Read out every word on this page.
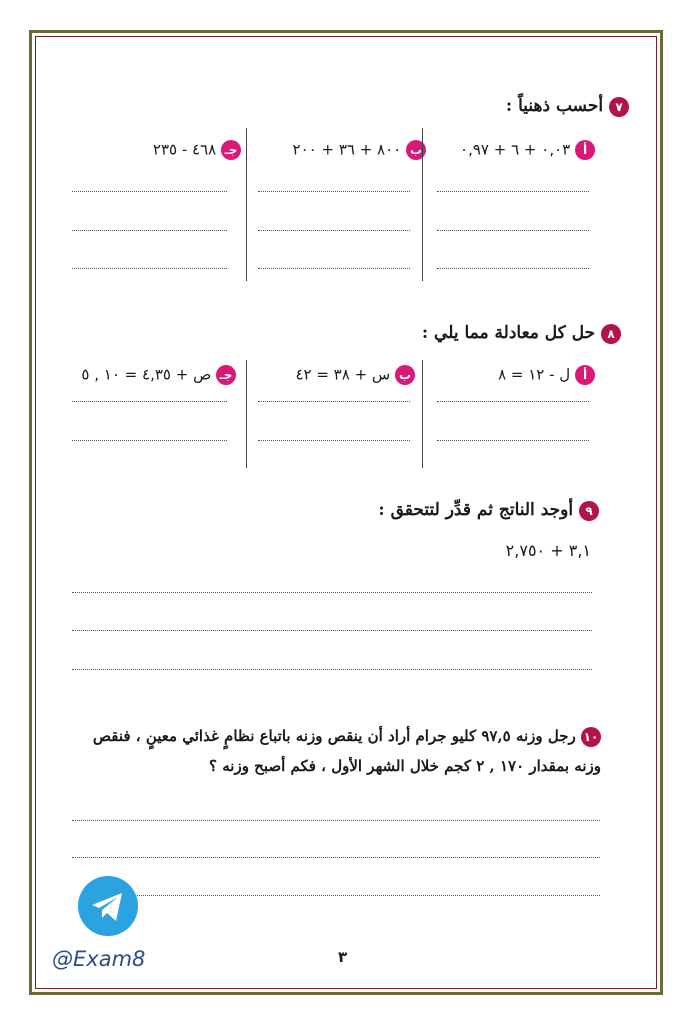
٧ أحسب ذهنياً :
أ ٠,٠٣ + ٦ + ٠,٩٧
ب ٨٠٠ + ٣٦ + ٢٠٠
جـ ٤٦٨ - ٢٣٥
٨ حل كل معادلة مما يلي :
أ ل - ١٢ = ٨
ب س + ٣٨ = ٤٢
جـ ص + ٤,٣٥ = ١٠ , ٥
٩ أوجد الناتج ثم قدِّر لتتحقق :
٣,١ + ٢,٧٥٠
١٠ رجل وزنه ٩٧,٥ كليو جرام أراد أن ينقص وزنه باتباع نظامٍ غذائي معينٍ ، فنقص
وزنه بمقدار ١٧٠ , ٢ كجم خلال الشهر الأول ، فكم أصبح وزنه ؟
@Exam8	٣
